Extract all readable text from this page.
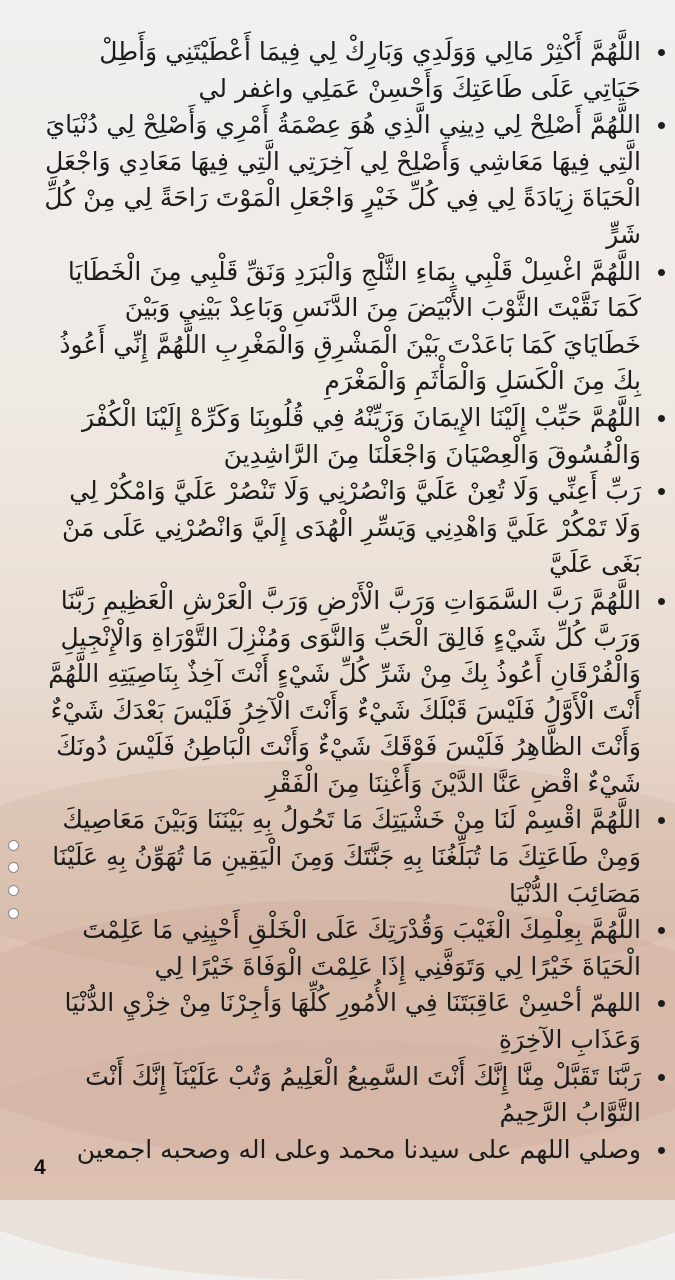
اللَّهُمَّ أَكْثِرْ مَالِي وَوَلَدِي وَبَارِكْ لِي فِيمَا أَعْطَيْتَنِي وَأَطِلْ حَيَاتِي عَلَى طَاعَتِكَ وَأَحْسِنْ عَمَلِي واغفر لي
اللَّهُمَّ أَصْلِحْ لِي دِينِي الَّذِي هُوَ عِصْمَةُ أَمْرِي وَأَصْلِحْ لِي دُنْيَايَ الَّتِي فِيهَا مَعَاشِي وَأَصْلِحْ لِي آخِرَتِي الَّتِي فِيهَا مَعَادِي وَاجْعَلِ الْحَيَاةَ زِيَادَةً لِي فِي كُلِّ خَيْرٍ وَاجْعَلِ الْمَوْتَ رَاحَةً لِي مِنْ كُلِّ شَرٍّ
اللَّهُمَّ اغْسِلْ قَلْبِي بِمَاءِ الثَّلْجِ وَالْبَرَدِ وَنَقِّ قَلْبِي مِنَ الْخَطَايَا كَمَا نَقَّيْتَ الثَّوْبَ الأَبْيَضَ مِنَ الدَّنَسِ وَبَاعِدْ بَيْنِي وَبَيْنَ خَطَايَايَ كَمَا بَاعَدْتَ بَيْنَ الْمَشْرِقِ وَالْمَغْرِبِ اللَّهُمَّ إِنِّي أَعُوذُ بِكَ مِنَ الْكَسَلِ وَالْمَأْثَمِ وَالْمَغْرَمِ
اللَّهُمَّ حَبِّبْ إِلَيْنَا الإِيمَانَ وَزَيِّنْهُ فِي قُلُوبِنَا وَكَرِّهْ إِلَيْنَا الْكُفْرَ وَالْفُسُوقَ وَالْعِصْيَانَ وَاجْعَلْنَا مِنَ الرَّاشِدِينَ
رَبِّ أَعِنِّي وَلَا تُعِنْ عَلَيَّ وَانْصُرْنِي وَلَا تَنْصُرْ عَلَيَّ وَامْكُرْ لِي وَلَا تَمْكُرْ عَلَيَّ وَاهْدِنِي وَيَسِّرِ الْهُدَى إِلَيَّ وَانْصُرْنِي عَلَى مَنْ بَغَى عَلَيَّ
اللَّهُمَّ رَبَّ السَّمَوَاتِ وَرَبَّ الْأَرْضِ وَرَبَّ الْعَرْشِ الْعَظِيمِ رَبَّنَا وَرَبَّ كُلِّ شَيْءٍ فَالِقَ الْحَبِّ وَالنَّوَى وَمُنْزِلَ التَّوْرَاةِ وَالْإِنْجِيلِ وَالْفُرْقَانِ أَعُوذُ بِكَ مِنْ شَرِّ كُلِّ شَيْءٍ أَنْتَ آخِذٌ بِنَاصِيَتِهِ اللَّهُمَّ أَنْتَ الْأَوَّلُ فَلَيْسَ قَبْلَكَ شَيْءٌ وَأَنْتَ الْآخِرُ فَلَيْسَ بَعْدَكَ شَيْءٌ وَأَنْتَ الظَّاهِرُ فَلَيْسَ فَوْقَكَ شَيْءٌ وَأَنْتَ الْبَاطِنُ فَلَيْسَ دُونَكَ شَيْءٌ اقْضِ عَنَّا الدَّيْنَ وَأَغْنِنَا مِنَ الْفَقْرِ
اللَّهُمَّ اقْسِمْ لَنَا مِنْ خَشْيَتِكَ مَا تَحُولُ بِهِ بَيْنَنَا وَبَيْنَ مَعَاصِيكَ وَمِنْ طَاعَتِكَ مَا تُبَلِّغُنَا بِهِ جَنَّتَكَ وَمِنَ الْيَقِينِ مَا تُهَوِّنُ بِهِ عَلَيْنَا مَصَائِبَ الدُّنْيَا
اللَّهُمَّ بِعِلْمِكَ الْغَيْبَ وَقُدْرَتِكَ عَلَى الْخَلْقِ أَحْيِنِي مَا عَلِمْتَ الْحَيَاةَ خَيْرًا لِي وَتَوَفَّنِي إِذَا عَلِمْتَ الْوَفَاةَ خَيْرًا لِي
اللهمّ أحْسِنْ عَاقِبَتَنَا فِي الأُمُورِ كُلِّهَا وَأجِرْنَا مِنْ خِزْيِ الدُّنْيَا وَعَذَابِ الآخِرَةِ
رَبَّنَا تَقَبَّلْ مِنَّا إِنَّكَ أَنْتَ السَّمِيعُ الْعَلِيمُ وَتُبْ عَلَيْنَآ إِنَّكَ أَنْتَ التَّوَّابُ الرَّحِيمُ
وصلي اللهم على سيدنا محمد وعلى اله وصحبه اجمعين
4
